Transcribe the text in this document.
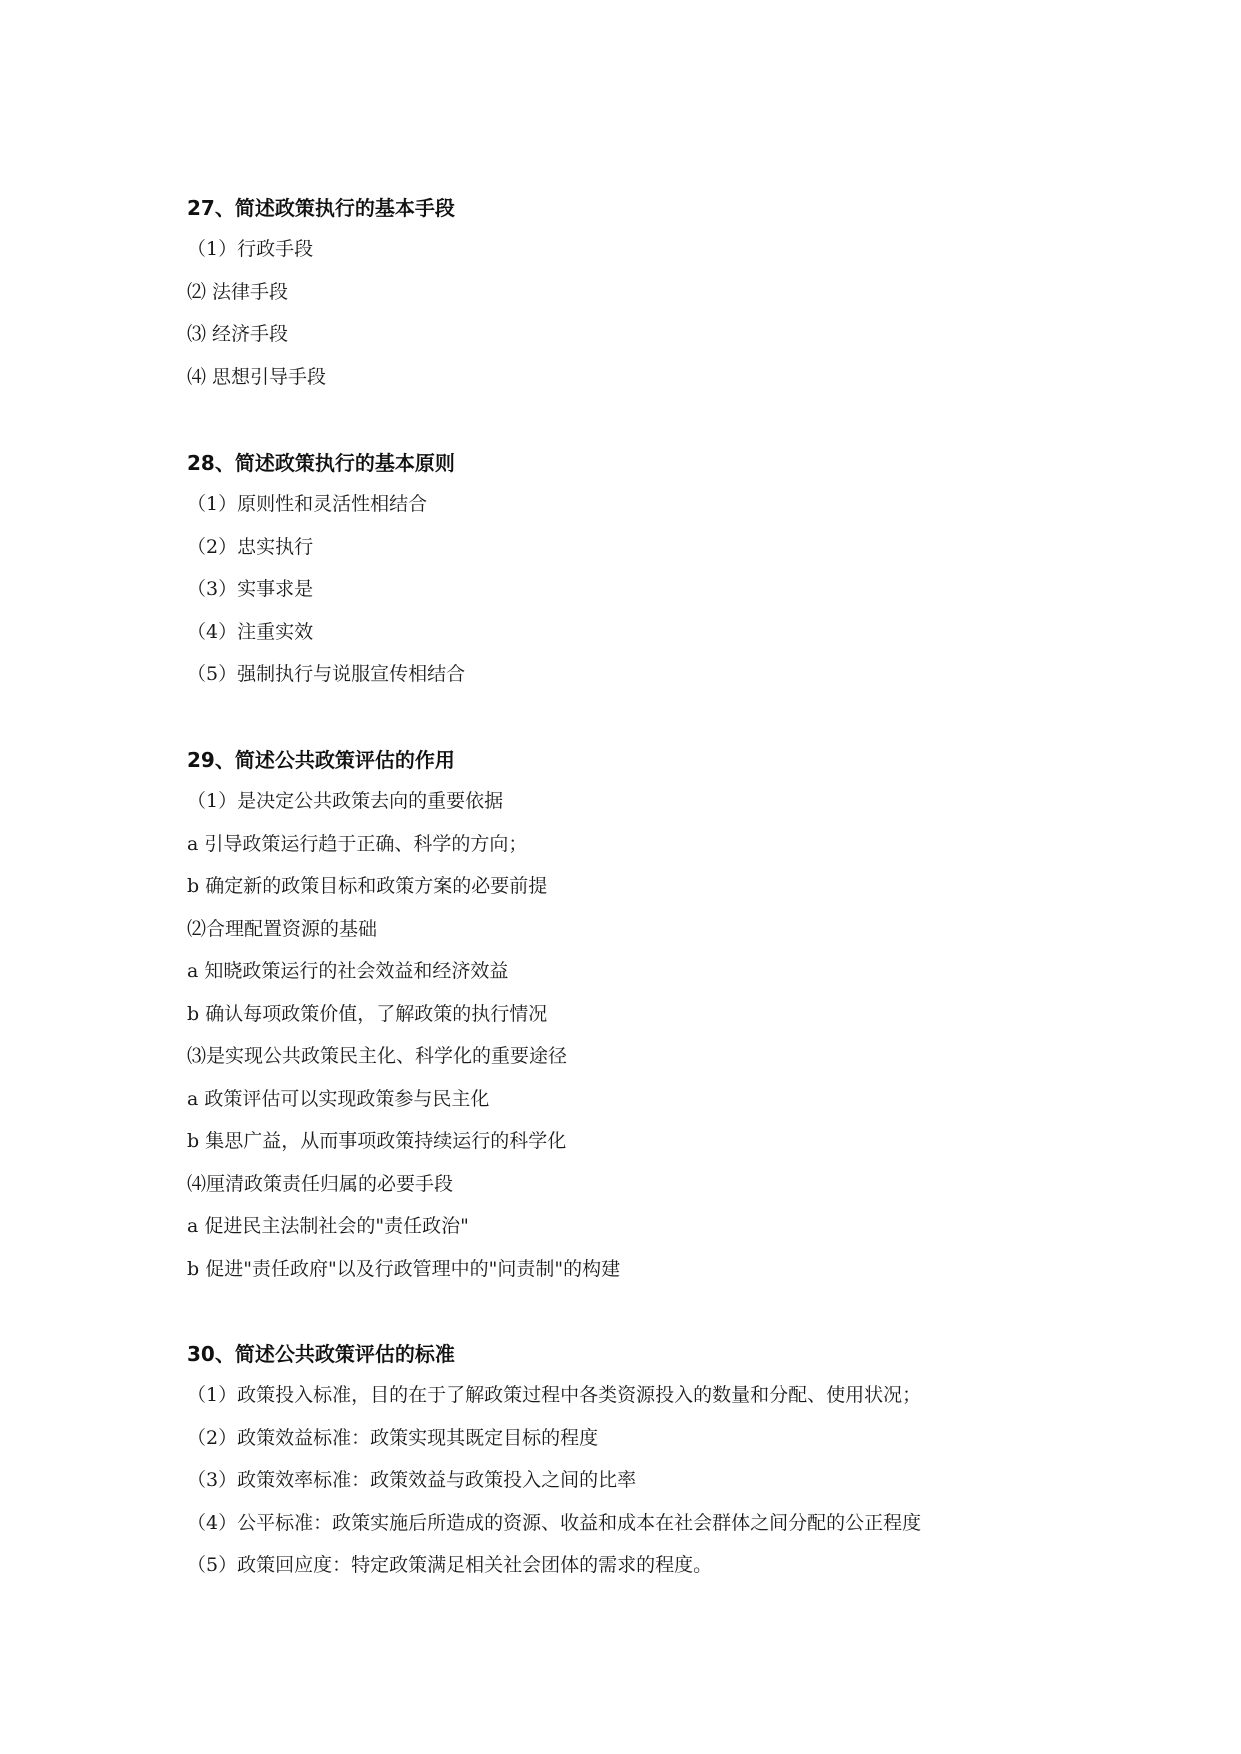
27、简述政策执行的基本手段
（1）行政手段
⑵ 法律手段
⑶ 经济手段
⑷ 思想引导手段
28、简述政策执行的基本原则
（1）原则性和灵活性相结合
（2）忠实执行
（3）实事求是
（4）注重实效
（5）强制执行与说服宣传相结合
29、简述公共政策评估的作用
（1）是决定公共政策去向的重要依据
a 引导政策运行趋于正确、科学的方向；
b 确定新的政策目标和政策方案的必要前提
⑵合理配置资源的基础
a 知晓政策运行的社会效益和经济效益
b 确认每项政策价值，了解政策的执行情况
⑶是实现公共政策民主化、科学化的重要途径
a 政策评估可以实现政策参与民主化
b 集思广益，从而事项政策持续运行的科学化
⑷厘清政策责任归属的必要手段
a 促进民主法制社会的"责任政治"
b 促进"责任政府"以及行政管理中的"问责制"的构建
30、简述公共政策评估的标准
（1）政策投入标准，目的在于了解政策过程中各类资源投入的数量和分配、使用状况；
（2）政策效益标准：政策实现其既定目标的程度
（3）政策效率标准：政策效益与政策投入之间的比率
（4）公平标准：政策实施后所造成的资源、收益和成本在社会群体之间分配的公正程度
（5）政策回应度：特定政策满足相关社会团体的需求的程度。
